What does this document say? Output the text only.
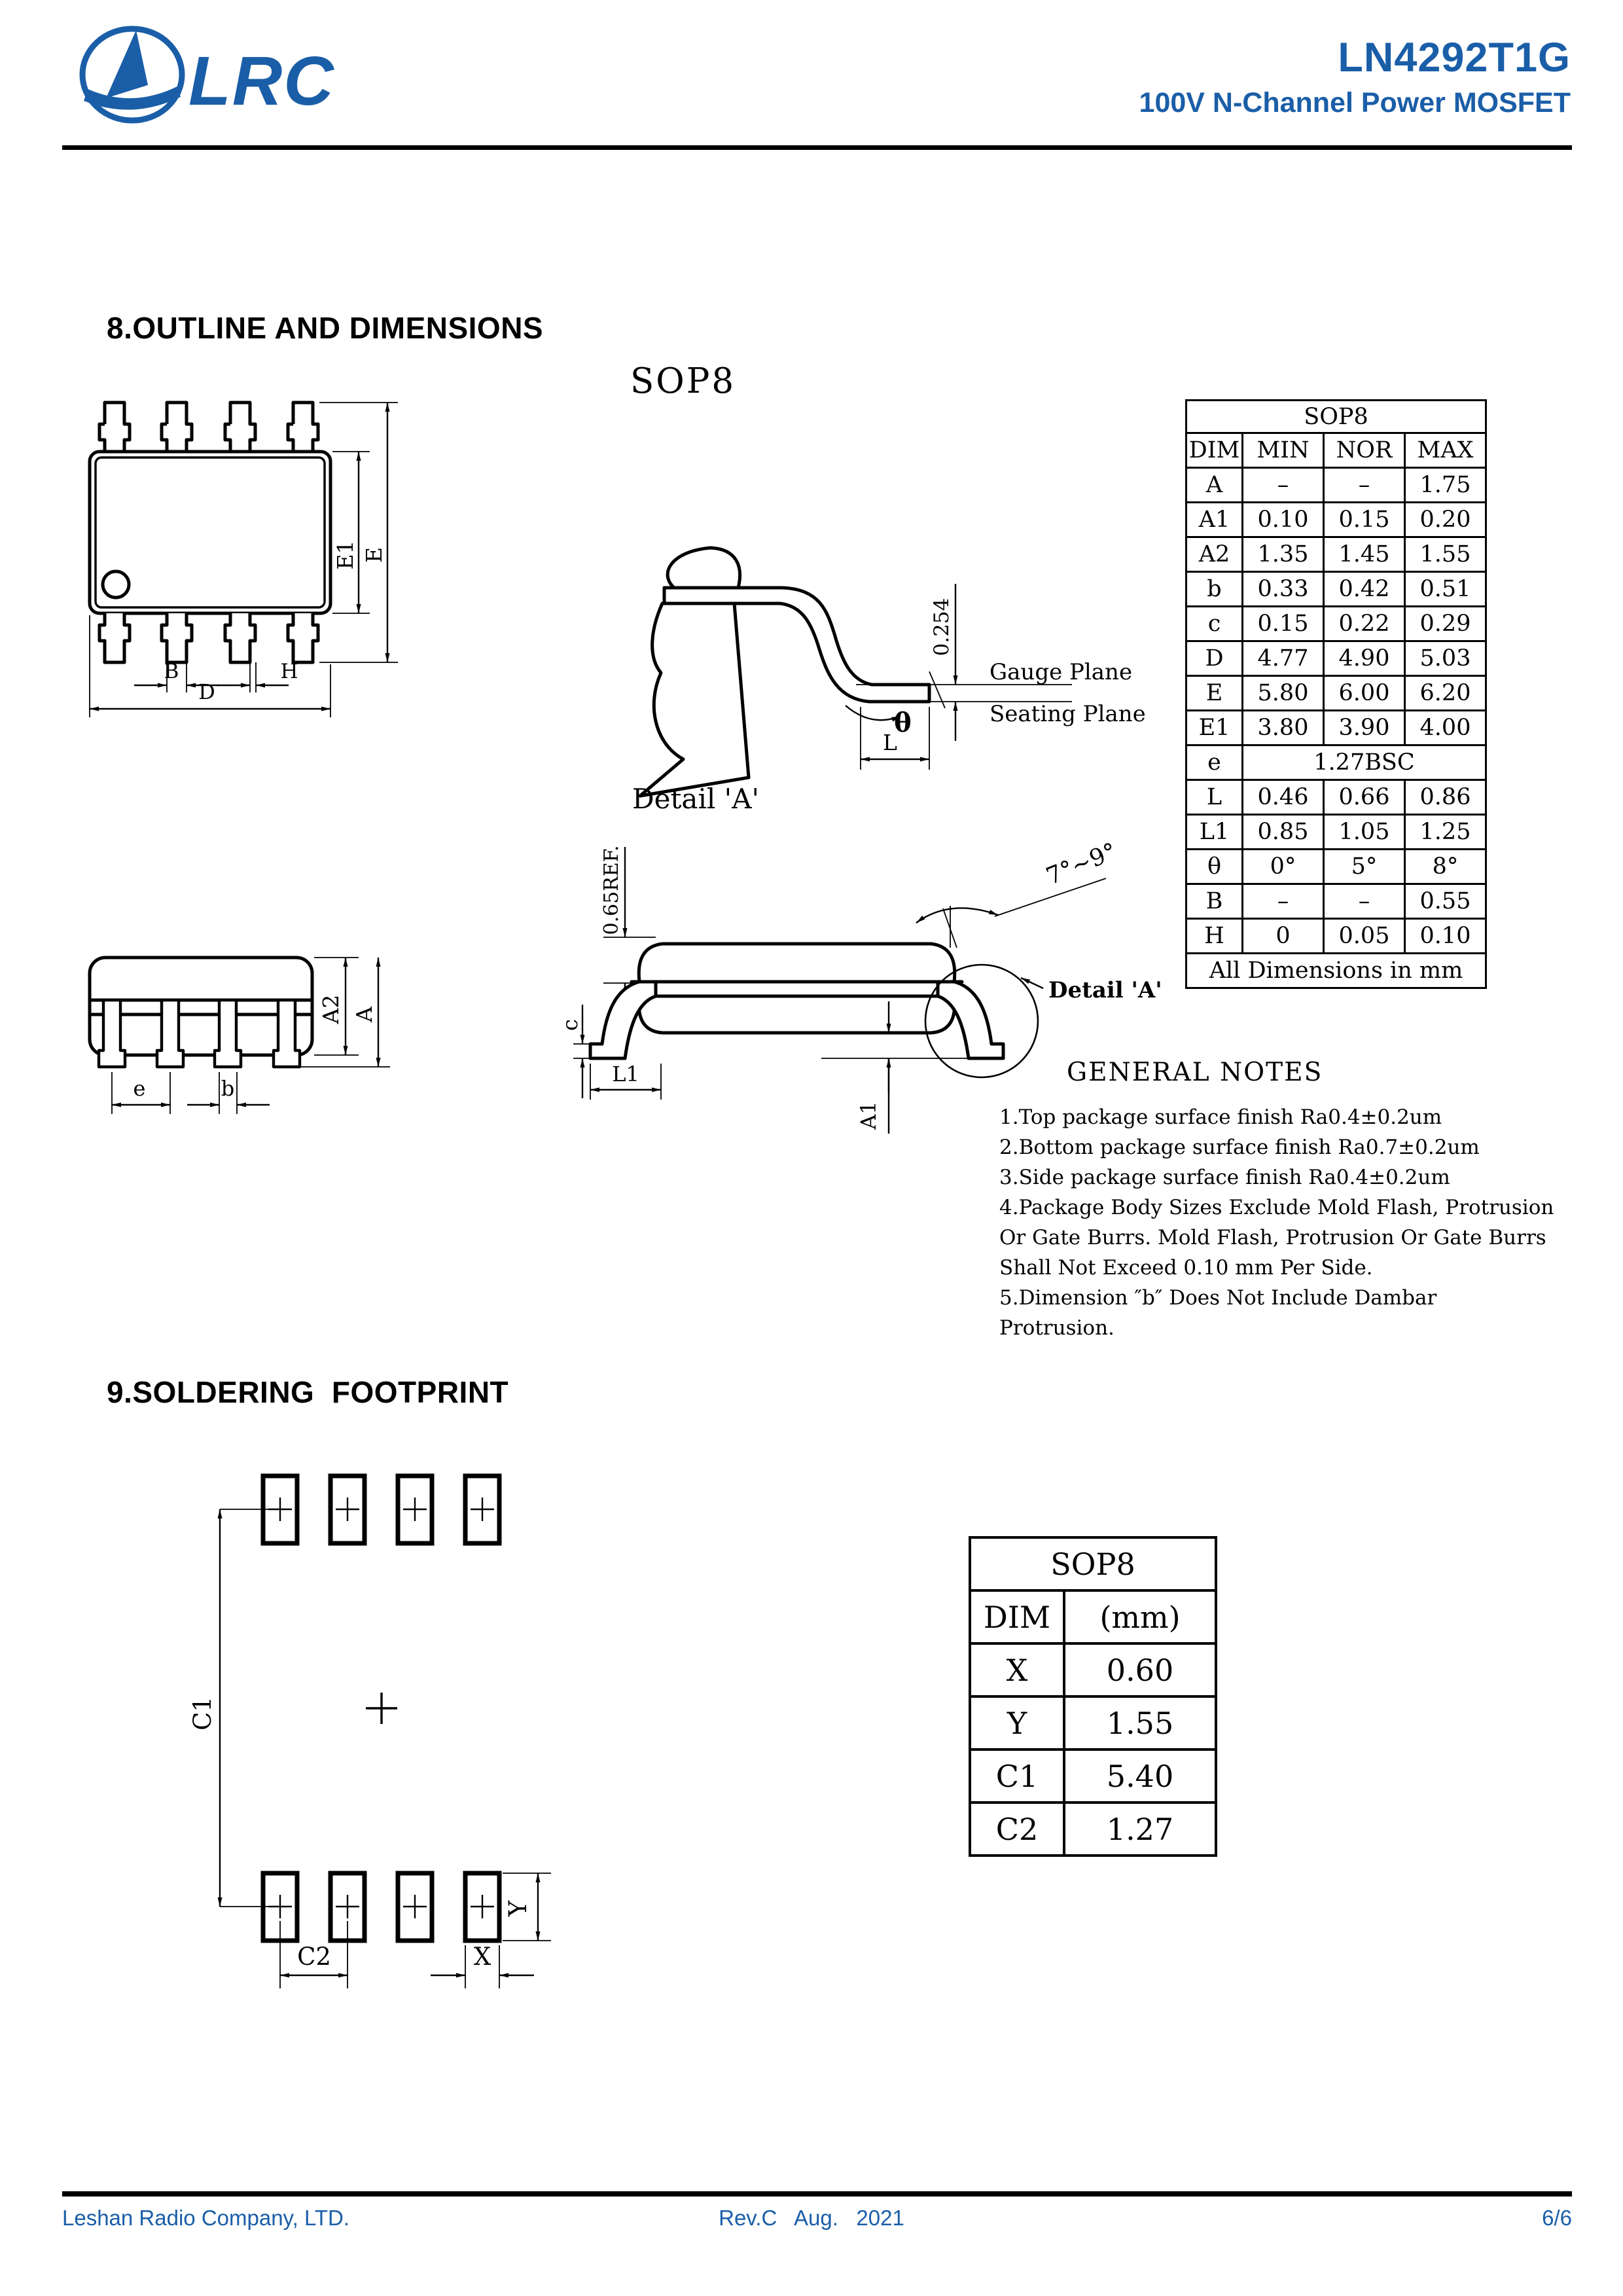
LRC	LN4292T1G
100V N-Channel Power MOSFET
8.OUTLINE AND DIMENSIONS
SOP8
E1 E
B	H
D
Gauge Plane
Seating Plane
0.254
θ
L
Detail 'A'
0.65REF.	7°~9°
c
A1
L1
Detail 'A'
A2 A
e	b
SOP8			
DIM	MIN	NOR	MAX
A	–	–	1.75
A1	0.10	0.15	0.20
A2	1.35	1.45	1.55
b	0.33	0.42	0.51
c	0.15	0.22	0.29
D	4.77	4.90	5.03
E	5.80	6.00	6.20
E1	3.80	3.90	4.00
e	1.27BSC		
L	0.46	0.66	0.86
L1	0.85	1.05	1.25
θ	0°	5°	8°
B	–	–	0.55
H	0	0.05	0.10
All Dimensions in mm			
GENERAL NOTES
1.Top package surface finish Ra0.4±0.2um
2.Bottom package surface finish Ra0.7±0.2um
3.Side package surface finish Ra0.4±0.2um
4.Package Body Sizes Exclude Mold Flash, Protrusion
Or Gate Burrs. Mold Flash, Protrusion Or Gate Burrs
Shall Not Exceed 0.10 mm Per Side.
5.Dimension ″b″ Does Not Include Dambar Protrusion.
9.SOLDERING  FOOTPRINT
C1
C2	X
Y
SOP8	
DIM	(mm)
X	0.60
Y	1.55
C1	5.40
C2	1.27
Leshan Radio Company, LTD.	Rev.C   Aug.   2021	6/6
